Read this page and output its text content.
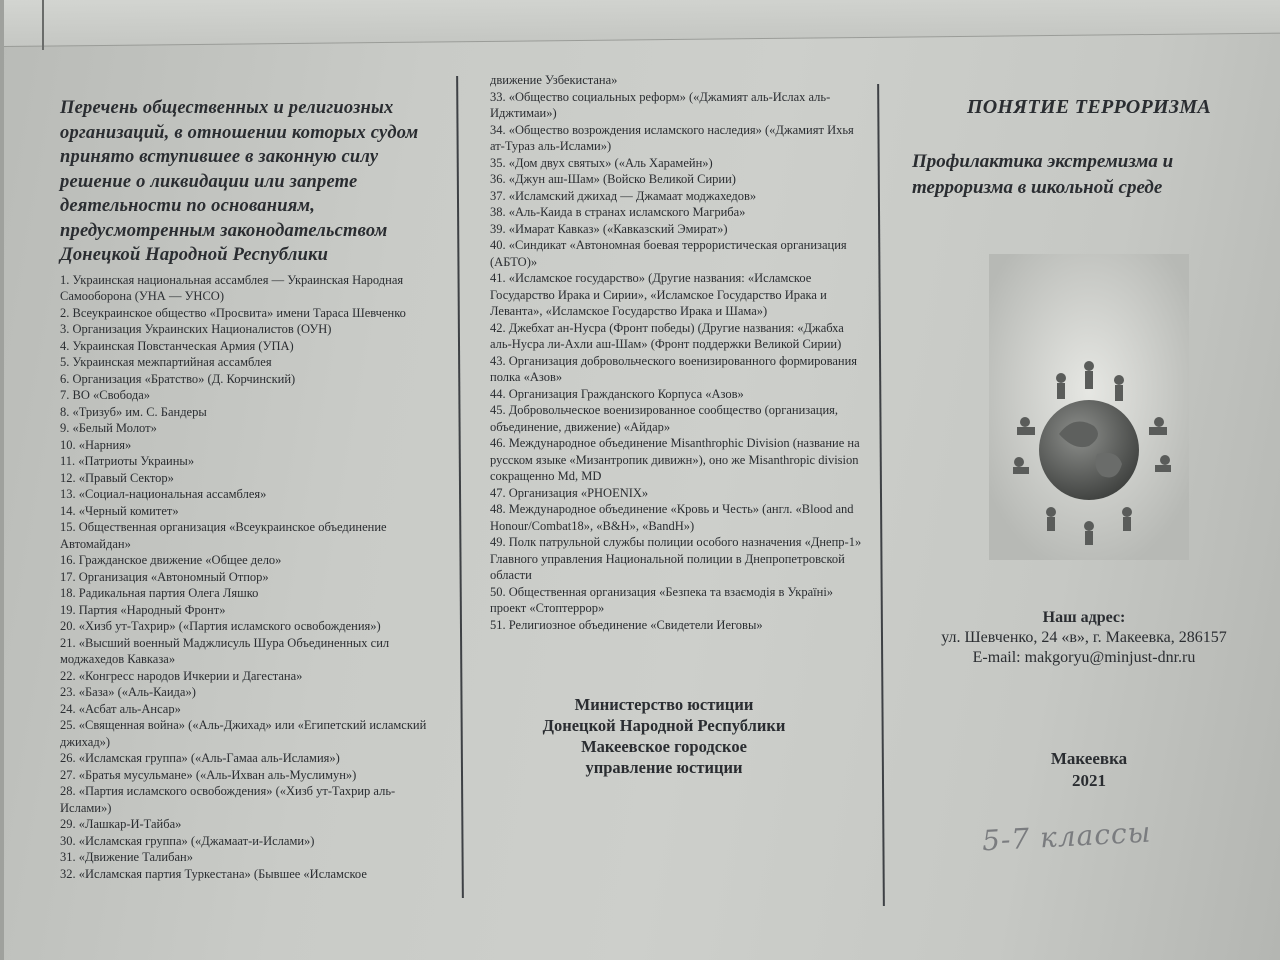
Перечень общественных и религиозных организаций, в отношении которых судом принято вступившее в законную силу решение о ликвидации или запрете деятельности по основаниям, предусмотренным законодательством Донецкой Народной Республики
1. Украинская национальная ассамблея — Украинская Народная Самооборона (УНА — УНСО)
2. Всеукраинское общество «Просвита» имени Тараса Шевченко
3. Организация Украинских Националистов (ОУН)
4. Украинская Повстанческая Армия (УПА)
5. Украинская межпартийная ассамблея
6. Организация «Братство» (Д. Корчинский)
7. ВО «Свобода»
8. «Тризуб» им. С. Бандеры
9. «Белый Молот»
10. «Нарния»
11. «Патриоты Украины»
12. «Правый Сектор»
13. «Социал-национальная ассамблея»
14. «Черный комитет»
15. Общественная организация «Всеукраинское объединение Автомайдан»
16. Гражданское движение «Общее дело»
17. Организация «Автономный Отпор»
18. Радикальная партия Олега Ляшко
19. Партия «Народный Фронт»
20. «Хизб ут-Тахрир» («Партия исламского освобождения»)
21. «Высший военный Маджлисуль Шура Объединенных сил моджахедов Кавказа»
22. «Конгресс народов Ичкерии и Дагестана»
23. «База» («Аль-Каида»)
24. «Асбат аль-Ансар»
25. «Священная война» («Аль-Джихад» или «Египетский исламский джихад»)
26. «Исламская группа» («Аль-Гамаа аль-Исламия»)
27. «Братья мусульмане» («Аль-Ихван аль-Муслимун»)
28. «Партия исламского освобождения» («Хизб ут-Тахрир аль-Ислами»)
29. «Лашкар-И-Тайба»
30. «Исламская группа» («Джамаат-и-Ислами»)
31. «Движение Талибан»
32. «Исламская партия Туркестана» (Бывшее «Исламское
движение Узбекистана»
33. «Общество социальных реформ» («Джамият аль-Ислах аль-Иджтимаи»)
34. «Общество возрождения исламского наследия» («Джамият Ихья ат-Тураз аль-Ислами»)
35. «Дом двух святых» («Аль Харамейн»)
36. «Джун аш-Шам» (Войско Великой Сирии)
37. «Исламский джихад — Джамаат моджахедов»
38. «Аль-Каида в странах исламского Магриба»
39. «Имарат Кавказ» («Кавказский Эмират»)
40. «Синдикат «Автономная боевая террористическая организация (АБТО)»
41. «Исламское государство» (Другие названия: «Исламское Государство Ирака и Сирии», «Исламское Государство Ирака и Леванта», «Исламское Государство Ирака и Шама»)
42. Джебхат ан-Нусра (Фронт победы) (Другие названия: «Джабха аль-Нусра ли-Ахли аш-Шам» (Фронт поддержки Великой Сирии)
43. Организация добровольческого военизированного формирования полка «Азов»
44. Организация Гражданского Корпуса «Азов»
45. Добровольческое военизированное сообщество (организация, объединение, движение) «Айдар»
46. Международное объединение Misanthrophic Division (название на русском языке «Мизантропик дивижн»), оно же Misanthropic division сокращенно Md, MD
47. Организация «PHOENIX»
48. Международное объединение «Кровь и Честь» (англ. «Blood and Honour/Combat18», «B&H», «BandH»)
49. Полк патрульной службы полиции особого назначения «Днепр-1» Главного управления Национальной полиции в Днепропетровской области
50. Общественная организация «Безпека та взаємодія в Україні» проект «Стоптеррор»
51. Религиозное объединение «Свидетели Иеговы»
Министерство юстиции
Донецкой Народной Республики
Макеевское городское
управление юстиции
ПОНЯТИЕ ТЕРРОРИЗМА
Профилактика экстремизма и терроризма в школьной среде
Наш адрес:
ул. Шевченко, 24 «в», г. Макеевка, 286157
E-mail: makgoryu@minjust-dnr.ru
Макеевка
2021
5-7 классы
